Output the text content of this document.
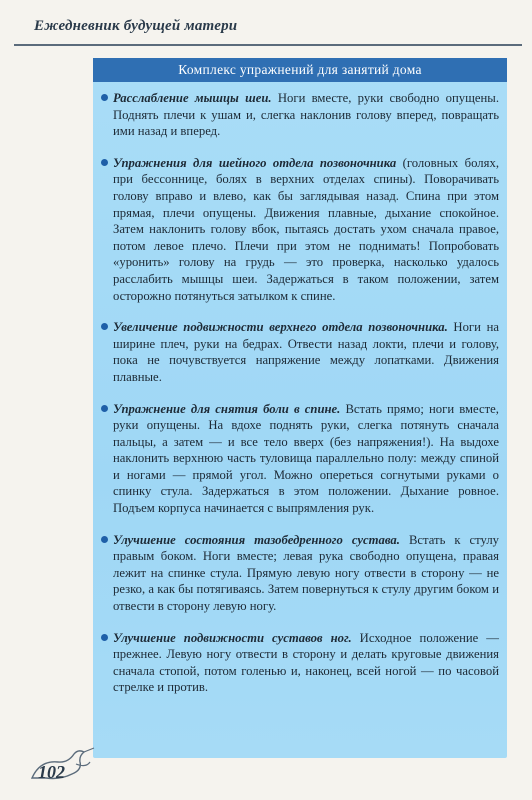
Ежедневник будущей матери
Комплекс упражнений для занятий дома
Расслабление мышцы шеи. Ноги вместе, руки свободно опущены. Поднять плечи к ушам и, слегка наклонив голову вперед, повращать ими назад и вперед.
Упражнения для шейного отдела позвоночника (головных болях, при бессоннице, болях в верхних отделах спины). Поворачивать голову вправо и влево, как бы заглядывая назад. Спина при этом прямая, плечи опущены. Движения плавные, дыхание спокойное. Затем наклонить голову вбок, пытаясь достать ухом сначала правое, потом левое плечо. Плечи при этом не поднимать! Попробовать «уронить» голову на грудь — это проверка, насколько удалось расслабить мышцы шеи. Задержаться в таком положении, затем осторожно потянуться затылком к спине.
Увеличение подвижности верхнего отдела позвоночника. Ноги на ширине плеч, руки на бедрах. Отвести назад локти, плечи и голову, пока не почувствуется напряжение между лопатками. Движения плавные.
Упражнение для снятия боли в спине. Встать прямо; ноги вместе, руки опущены. На вдохе поднять руки, слегка потянуть сначала пальцы, а затем — и все тело вверх (без напряжения!). На выдохе наклонить верхнюю часть туловища параллельно полу: между спиной и ногами — прямой угол. Можно опереться согнутыми руками о спинку стула. Задержаться в этом положении. Дыхание ровное. Подъем корпуса начинается с выпрямления рук.
Улучшение состояния тазобедренного сустава. Встать к стулу правым боком. Ноги вместе; левая рука свободно опущена, правая лежит на спинке стула. Прямую левую ногу отвести в сторону — не резко, а как бы потягиваясь. Затем повернуться к стулу другим боком и отвести в сторону левую ногу.
Улучшение подвижности суставов ног. Исходное положение — прежнее. Левую ногу отвести в сторону и делать круговые движения сначала стопой, потом голенью и, наконец, всей ногой — по часовой стрелке и против.
102
